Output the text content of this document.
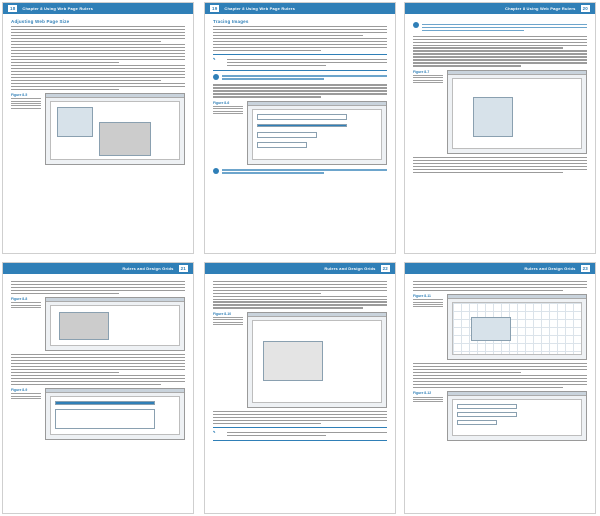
18	Chapter 8 Using Web Page Rulers
Adjusting Web Page Size
Figure 8-5
19	Chapter 8 Using Web Page Rulers
Tracing Images
✎
Figure 8-6
Chapter 8 Using Web Page Rulers	20
Figure 8-7
Rulers and Design Grids	21
Figure 8-8
Figure 8-9
Rulers and Design Grids	22
Figure 8-10
✎
Rulers and Design Grids	23
Figure 8-11
Figure 8-12
